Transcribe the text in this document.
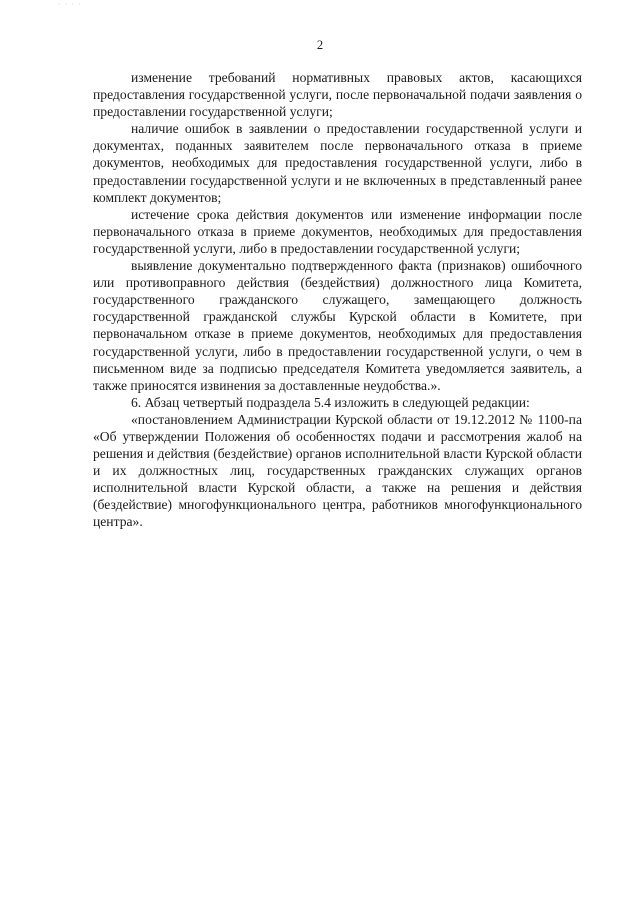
· · · ·
2

изменение требований нормативных правовых актов, касающихся предоставления государственной услуги, после первоначальной подачи заявления о предоставлении государственной услуги;

наличие ошибок в заявлении о предоставлении государственной услуги и документах, поданных заявителем после первоначального отказа в приеме документов, необходимых для предоставления государственной услуги, либо в предоставлении государственной услуги и не включенных в представленный ранее комплект документов;

истечение срока действия документов или изменение информации после первоначального отказа в приеме документов, необходимых для предоставления государственной услуги, либо в предоставлении государственной услуги;

выявление документально подтвержденного факта (признаков) ошибочного или противоправного действия (бездействия) должностного лица Комитета, государственного гражданского служащего, замещающего должность государственной гражданской службы Курской области в Комитете, при первоначальном отказе в приеме документов, необходимых для предоставления государственной услуги, либо в предоставлении государственной услуги, о чем в письменном виде за подписью председателя Комитета уведомляется заявитель, а также приносятся извинения за доставленные неудобства.».

6. Абзац четвертый подраздела 5.4 изложить в следующей редакции:

«постановлением Администрации Курской области от 19.12.2012 № 1100-па «Об утверждении Положения об особенностях подачи и рассмотрения жалоб на решения и действия (бездействие) органов исполнительной власти Курской области и их должностных лиц, государственных гражданских служащих органов исполнительной власти Курской области, а также на решения и действия (бездействие) многофункционального центра, работников многофункционального центра».
